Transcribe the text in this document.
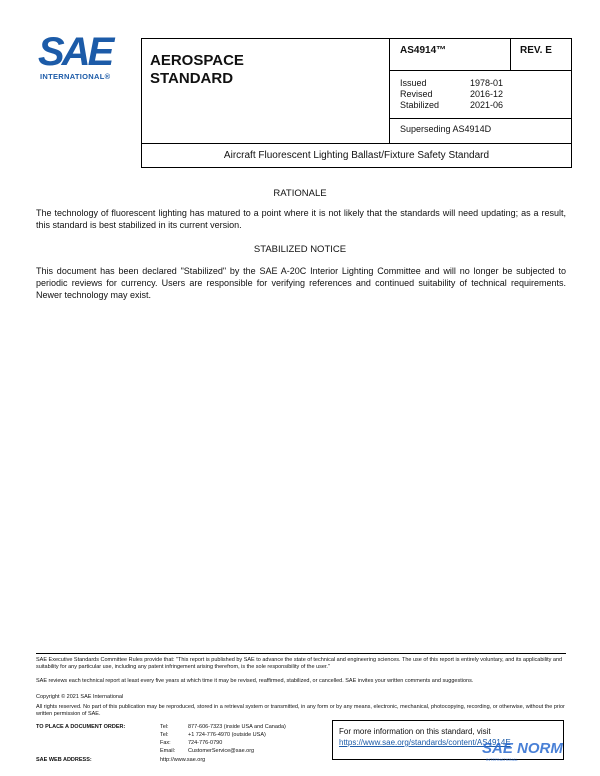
SAE
INTERNATIONAL®
AEROSPACE
STANDARD
AS4914™	REV. E
Issued	1978-01
Revised	2016-12
Stabilized	2021-06
Superseding AS4914D
Aircraft Fluorescent Lighting Ballast/Fixture Safety Standard
RATIONALE
The technology of fluorescent lighting has matured to a point where it is not likely that the standards will need updating; as a result, this standard is best stabilized in its current version.
STABILIZED NOTICE
This document has been declared "Stabilized" by the SAE A-20C Interior Lighting Committee and will no longer be subjected to periodic reviews for currency. Users are responsible for verifying references and continued suitability of technical requirements. Newer technology may exist.
SAE Executive Standards Committee Rules provide that: "This report is published by SAE to advance the state of technical and engineering sciences. The use of this report is entirely voluntary, and its applicability and suitability for any particular use, including any patent infringement arising therefrom, is the sole responsibility of the user."
SAE reviews each technical report at least every five years at which time it may be revised, reaffirmed, stabilized, or cancelled. SAE invites your written comments and suggestions.
Copyright © 2021 SAE International
All rights reserved. No part of this publication may be reproduced, stored in a retrieval system or transmitted, in any form or by any means, electronic, mechanical, photocopying, recording, or otherwise, without the prior written permission of SAE.
TO PLACE A DOCUMENT ORDER:	Tel:	877-606-7323 (inside USA and Canada)
Tel:	+1 724-776-4970 (outside USA)
Fax:	724-776-0790
Email: CustomerService@sae.org
SAE WEB ADDRESS:	http://www.sae.org
For more information on this standard, visit
https://www.sae.org/standards/content/AS4914E
SAE NORM
INTERNATIONAL
